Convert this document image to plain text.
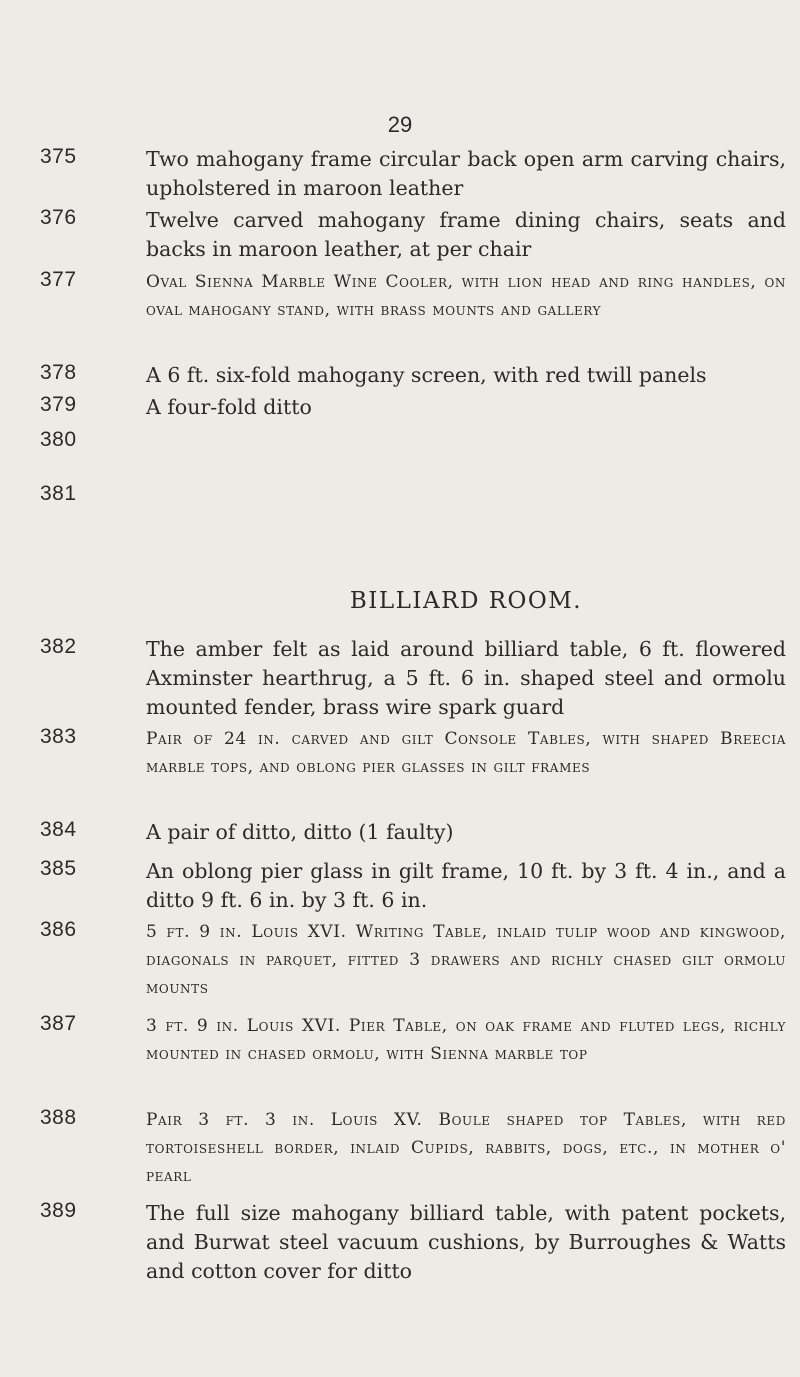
29
375	Two mahogany frame circular back open arm carving chairs, upholstered in maroon leather
376	Twelve carved mahogany frame dining chairs, seats and backs in maroon leather, at per chair
377	Oval Sienna Marble Wine Cooler, with lion head and ring handles, on oval mahogany stand, with brass mounts and gallery
378	A 6 ft. six-fold mahogany screen, with red twill panels
379	A four-fold ditto
380
381
BILLIARD ROOM.
382	The amber felt as laid around billiard table, 6 ft. flowered Axminster hearthrug, a 5 ft. 6 in. shaped steel and ormolu mounted fender, brass wire spark guard
383	Pair of 24 in. carved and gilt Console Tables, with shaped Breecia marble tops, and oblong pier glasses in gilt frames
384	A pair of ditto, ditto (1 faulty)
385	An oblong pier glass in gilt frame, 10 ft. by 3 ft. 4 in., and a ditto 9 ft. 6 in. by 3 ft. 6 in.
386	5 ft. 9 in. Louis XVI. Writing Table, inlaid tulip wood and kingwood, diagonals in parquet, fitted 3 drawers and richly chased gilt ormolu mounts
387	3 ft. 9 in. Louis XVI. Pier Table, on oak frame and fluted legs, richly mounted in chased ormolu, with Sienna marble top
388	Pair 3 ft. 3 in. Louis XV. Boule shaped top Tables, with red tortoiseshell border, inlaid Cupids, rabbits, dogs, etc., in mother o' pearl
389	The full size mahogany billiard table, with patent pockets, and Burwat steel vacuum cushions, by Burroughes & Watts and cotton cover for ditto
